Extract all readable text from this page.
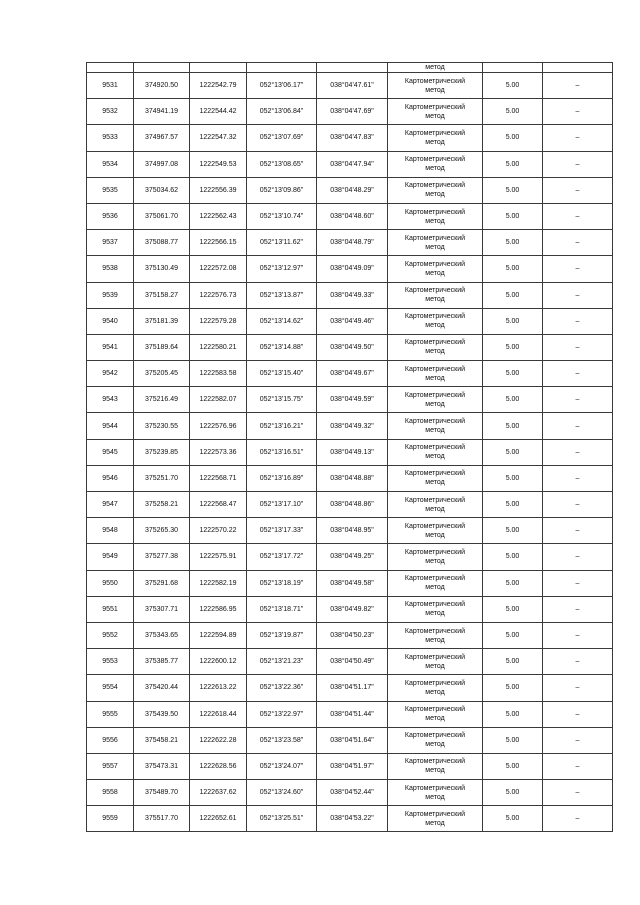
					метод		
9531	374920.50	1222542.79	052°13'06.17"	038°04'47.61"	Картометрический
метод	5.00	–
9532	374941.19	1222544.42	052°13'06.84"	038°04'47.69"	Картометрический
метод	5.00	–
9533	374967.57	1222547.32	052°13'07.69"	038°04'47.83"	Картометрический
метод	5.00	–
9534	374997.08	1222549.53	052°13'08.65"	038°04'47.94"	Картометрический
метод	5.00	–
9535	375034.62	1222556.39	052°13'09.86"	038°04'48.29"	Картометрический
метод	5.00	–
9536	375061.70	1222562.43	052°13'10.74"	038°04'48.60"	Картометрический
метод	5.00	–
9537	375088.77	1222566.15	052°13'11.62"	038°04'48.79"	Картометрический
метод	5.00	–
9538	375130.49	1222572.08	052°13'12.97"	038°04'49.09"	Картометрический
метод	5.00	–
9539	375158.27	1222576.73	052°13'13.87"	038°04'49.33"	Картометрический
метод	5.00	–
9540	375181.39	1222579.28	052°13'14.62"	038°04'49.46"	Картометрический
метод	5.00	–
9541	375189.64	1222580.21	052°13'14.88"	038°04'49.50"	Картометрический
метод	5.00	–
9542	375205.45	1222583.58	052°13'15.40"	038°04'49.67"	Картометрический
метод	5.00	–
9543	375216.49	1222582.07	052°13'15.75"	038°04'49.59"	Картометрический
метод	5.00	–
9544	375230.55	1222576.96	052°13'16.21"	038°04'49.32"	Картометрический
метод	5.00	–
9545	375239.85	1222573.36	052°13'16.51"	038°04'49.13"	Картометрический
метод	5.00	–
9546	375251.70	1222568.71	052°13'16.89"	038°04'48.88"	Картометрический
метод	5.00	–
9547	375258.21	1222568.47	052°13'17.10"	038°04'48.86"	Картометрический
метод	5.00	–
9548	375265.30	1222570.22	052°13'17.33"	038°04'48.95"	Картометрический
метод	5.00	–
9549	375277.38	1222575.91	052°13'17.72"	038°04'49.25"	Картометрический
метод	5.00	–
9550	375291.68	1222582.19	052°13'18.19"	038°04'49.58"	Картометрический
метод	5.00	–
9551	375307.71	1222586.95	052°13'18.71"	038°04'49.82"	Картометрический
метод	5.00	–
9552	375343.65	1222594.89	052°13'19.87"	038°04'50.23"	Картометрический
метод	5.00	–
9553	375385.77	1222600.12	052°13'21.23"	038°04'50.49"	Картометрический
метод	5.00	–
9554	375420.44	1222613.22	052°13'22.36"	038°04'51.17"	Картометрический
метод	5.00	–
9555	375439.50	1222618.44	052°13'22.97"	038°04'51.44"	Картометрический
метод	5.00	–
9556	375458.21	1222622.28	052°13'23.58"	038°04'51.64"	Картометрический
метод	5.00	–
9557	375473.31	1222628.56	052°13'24.07"	038°04'51.97"	Картометрический
метод	5.00	–
9558	375489.70	1222637.62	052°13'24.60"	038°04'52.44"	Картометрический
метод	5.00	–
9559	375517.70	1222652.61	052°13'25.51"	038°04'53.22"	Картометрический
метод	5.00	–
